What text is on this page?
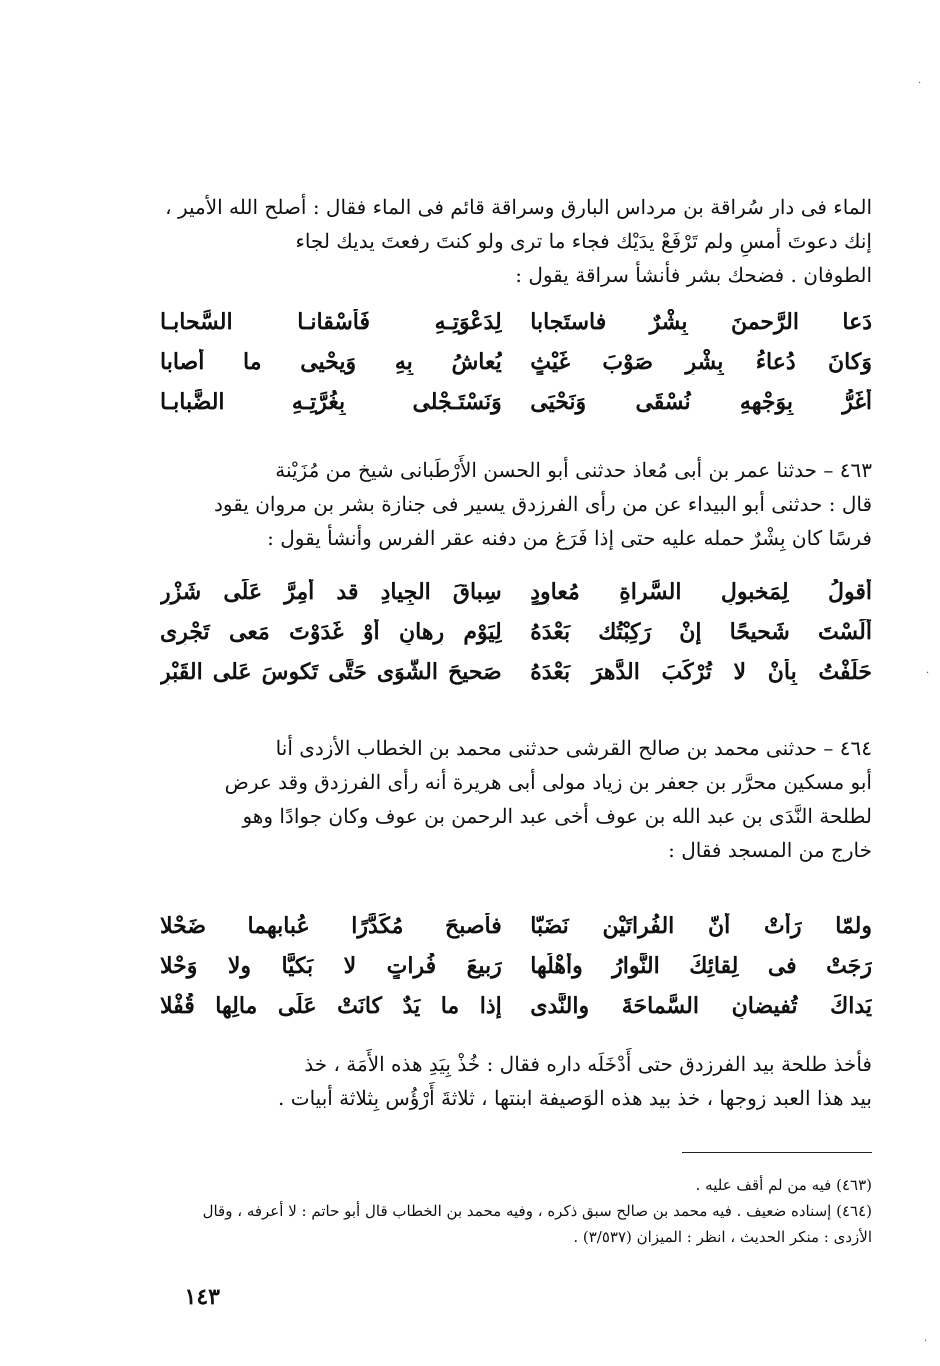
الماء فى دار سُراقة بن مرداس البارق وسراقة قائم فى الماء فقال : أصلح الله الأمير ،
إنك دعوتَ أمسِ ولم تَرْفَعْ يدَيْك فجاء ما ترى ولو كنتَ رفعتَ يديك لجاء
الطوفان . فضحك بشر فأنشأ سراقة يقول :
دَعا الرَّحمنَ بِشْرٌ فاستَجابا
لِدَعْوَتِـهِ فَأَسْقانـا السَّحابـا
وَكانَ دُعاءُ بِشْرٍ صَوْبَ غَيْثٍ
يُعاشُ بِهِ وَيحْيى ما أَصابا
أَغَرُّ بِوَجْهِهِ نُسْقَى وَنَحْيَى
وَنَسْتَـجْلى بِغُرَّتِـهِ الضَّبابـا
٤٦٣ – حدثنا عمر بن أبى مُعاذ حدثنى أبو الحسن الأَرْطَبانى شيخ من مُزَيْنة
قال : حدثنى أبو البيداء عن من رأى الفرزدق يسير فى جنازة بشر بن مروان يقود
فرسًا كان بِشْرٌ حمله عليه حتى إذا فَرَغ من دفنه عقر الفرس وأنشأ يقول :
أقولُ لِمَخبولِ السَّراةِ مُعاوِدٍ
سِباقَ الجِيادِ قد أُمِرَّ عَلَى شَزْرِ
أَلَسْتَ شَحيحًا إنْ رَكِبْتُك بَعْدَهُ
لِيَوْمِ رِهانٍ أَوْ غَدَوْتَ مَعى تَجْرِى
حَلَفْتُ بِأَنْ لا تُرْكَبَ الدَّهرَ بَعْدَهُ
صَحيحَ الشَّوَى حَتَّى تَكوسَ عَلى القَبْرِ
٤٦٤ – حدثنى محمد بن صالح القرشى حدثنى محمد بن الخطاب الأزدى أنا
أبو مسكين محرَّر بن جعفر بن زياد مولى أبى هريرة أنه رأى الفرزدق وقد عرض
لطلحة النَّدَى بن عبد الله بن عوف أخى عبد الرحمن بن عوف وكان جوادًا وهو
خارج من المسجد فقال :
ولمّا رَأَتْ أنّ الفُراتَيْنِ نَضَبّا
فأصبحَ مُكَدَّرًا عُبابهما ضَحْلا
رَجَتْ فى لِقائِكَ النَّوارُ وأَهْلُها
رَبيعَ فُراتٍ لا بَكيًّا ولا وَحْلا
يَداكَ تُفيضانِ السَّماحَةَ والنَّدى
إذا ما يَدٌ كانَتْ عَلَى مالِها قُفْلا
فأخذ طلحة بيد الفرزدق حتى أَدْخَلَه داره فقال : خُذْ بِيَدِ هذه الأَمَة ، خذ
بيد هذا العبد زوجها ، خذ بيد هذه الوَصيفة ابنتها ، ثلاثةَ أَرْؤُس بِثلاثة أبيات .
(٤٦٣) فيه من لم أقف عليه .
(٤٦٤) إسناده ضعيف . فيه محمد بن صالح سبق ذكره ، وفيه محمد بن الخطاب قال أبو حاتم : لا أعرفه ، وقال
الأزدى : منكر الحديث ، انظر : الميزان (٣/٥٣٧) .
١٤٣
·
·
·
